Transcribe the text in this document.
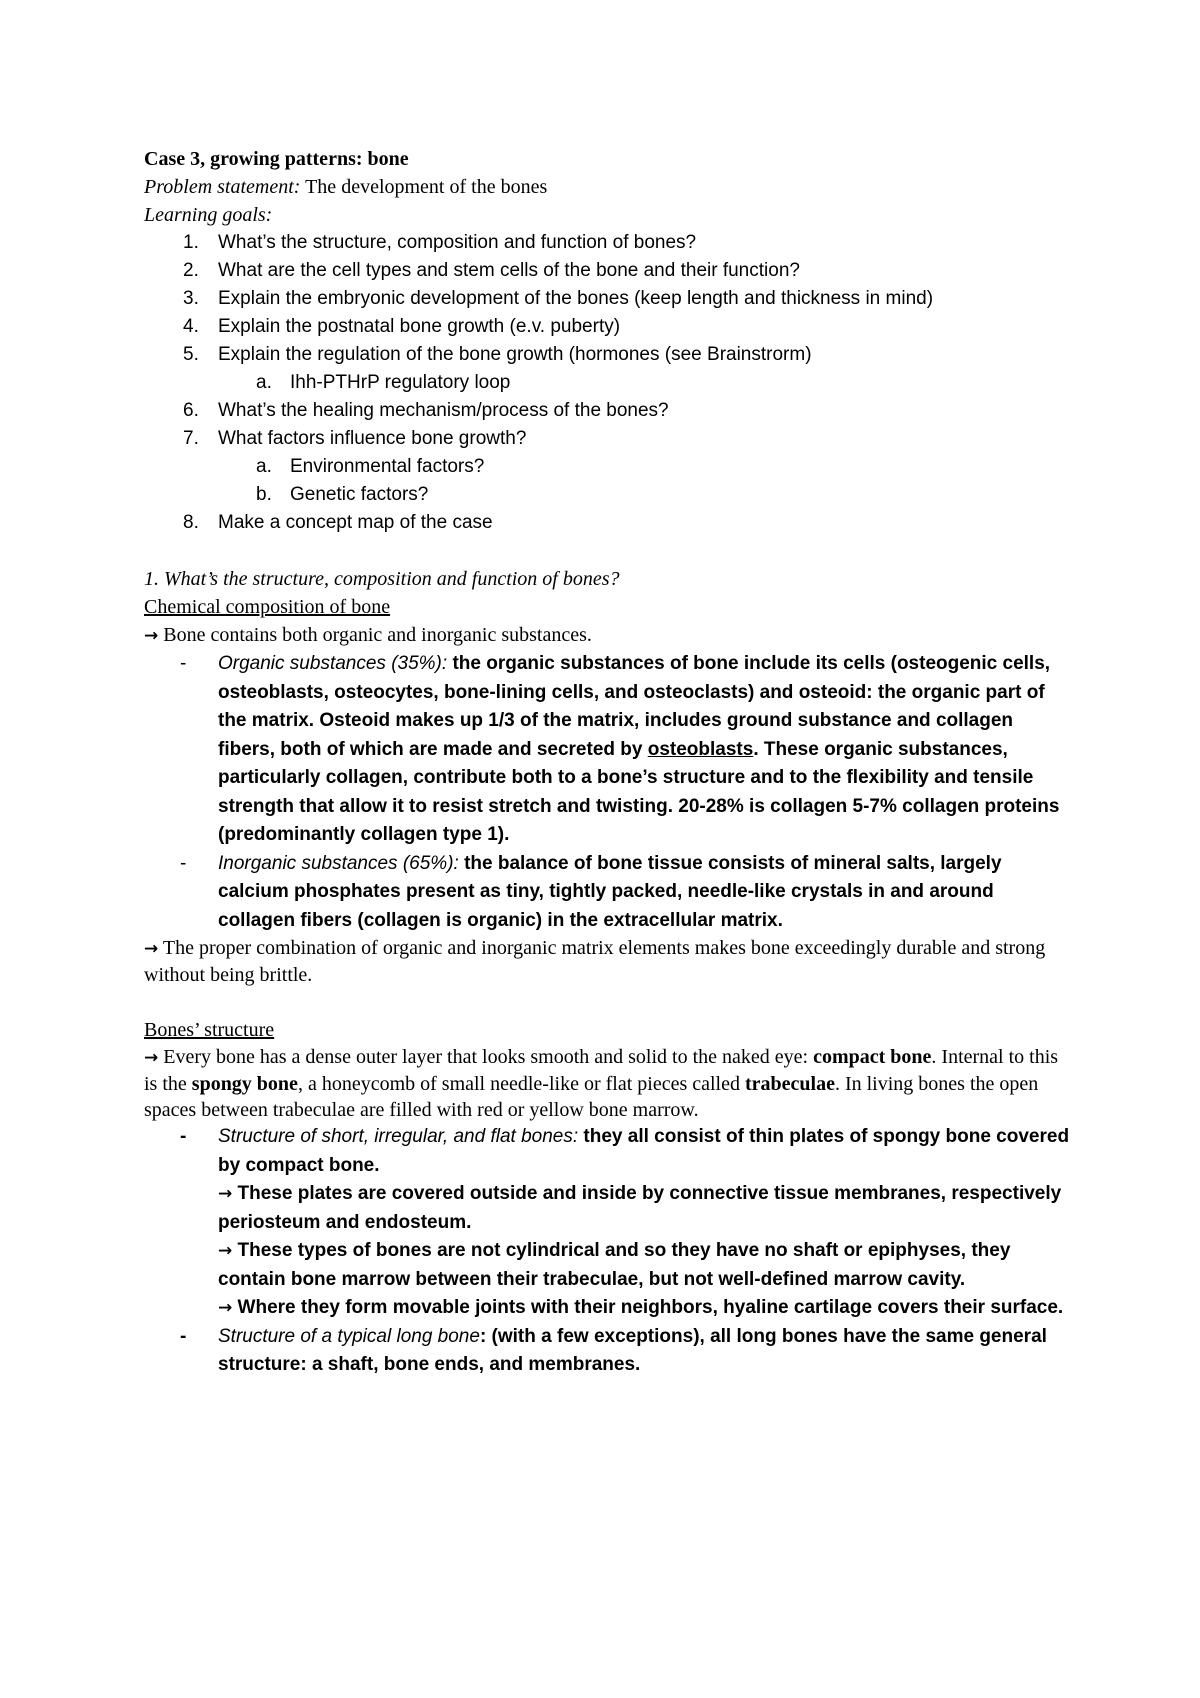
Case 3, growing patterns: bone
Problem statement: The development of the bones
Learning goals:
1. What’s the structure, composition and function of bones?
2. What are the cell types and stem cells of the bone and their function?
3. Explain the embryonic development of the bones (keep length and thickness in mind)
4. Explain the postnatal bone growth (e.v. puberty)
5. Explain the regulation of the bone growth (hormones (see Brainstrorm)
a. Ihh-PTHrP regulatory loop
6. What’s the healing mechanism/process of the bones?
7. What factors influence bone growth?
a. Environmental factors?
b. Genetic factors?
8. Make a concept map of the case
1. What’s the structure, composition and function of bones?
Chemical composition of bone
→ Bone contains both organic and inorganic substances.
- Organic substances (35%): the organic substances of bone include its cells (osteogenic cells, osteoblasts, osteocytes, bone-lining cells, and osteoclasts) and osteoid: the organic part of the matrix. Osteoid makes up 1/3 of the matrix, includes ground substance and collagen fibers, both of which are made and secreted by osteoblasts. These organic substances, particularly collagen, contribute both to a bone’s structure and to the flexibility and tensile strength that allow it to resist stretch and twisting. 20-28% is collagen 5-7% collagen proteins (predominantly collagen type 1).

- Inorganic substances (65%): the balance of bone tissue consists of mineral salts, largely calcium phosphates present as tiny, tightly packed, needle-like crystals in and around collagen fibers (collagen is organic) in the extracellular matrix.

→ The proper combination of organic and inorganic matrix elements makes bone exceedingly durable and strong without being brittle.

Bones’ structure

→ Every bone has a dense outer layer that looks smooth and solid to the naked eye: compact bone. Internal to this is the spongy bone, a honeycomb of small needle-like or flat pieces called trabeculae. In living bones the open spaces between trabeculae are filled with red or yellow bone marrow.

- Structure of short, irregular, and flat bones: they all consist of thin plates of spongy bone covered by compact bone.

→ These plates are covered outside and inside by connective tissue membranes, respectively periosteum and endosteum.

→ These types of bones are not cylindrical and so they have no shaft or epiphyses, they contain bone marrow between their trabeculae, but not well-defined marrow cavity.

→ Where they form movable joints with their neighbors, hyaline cartilage covers their surface.

- Structure of a typical long bone: (with a few exceptions), all long bones have the same general structure: a shaft, bone ends, and membranes.
